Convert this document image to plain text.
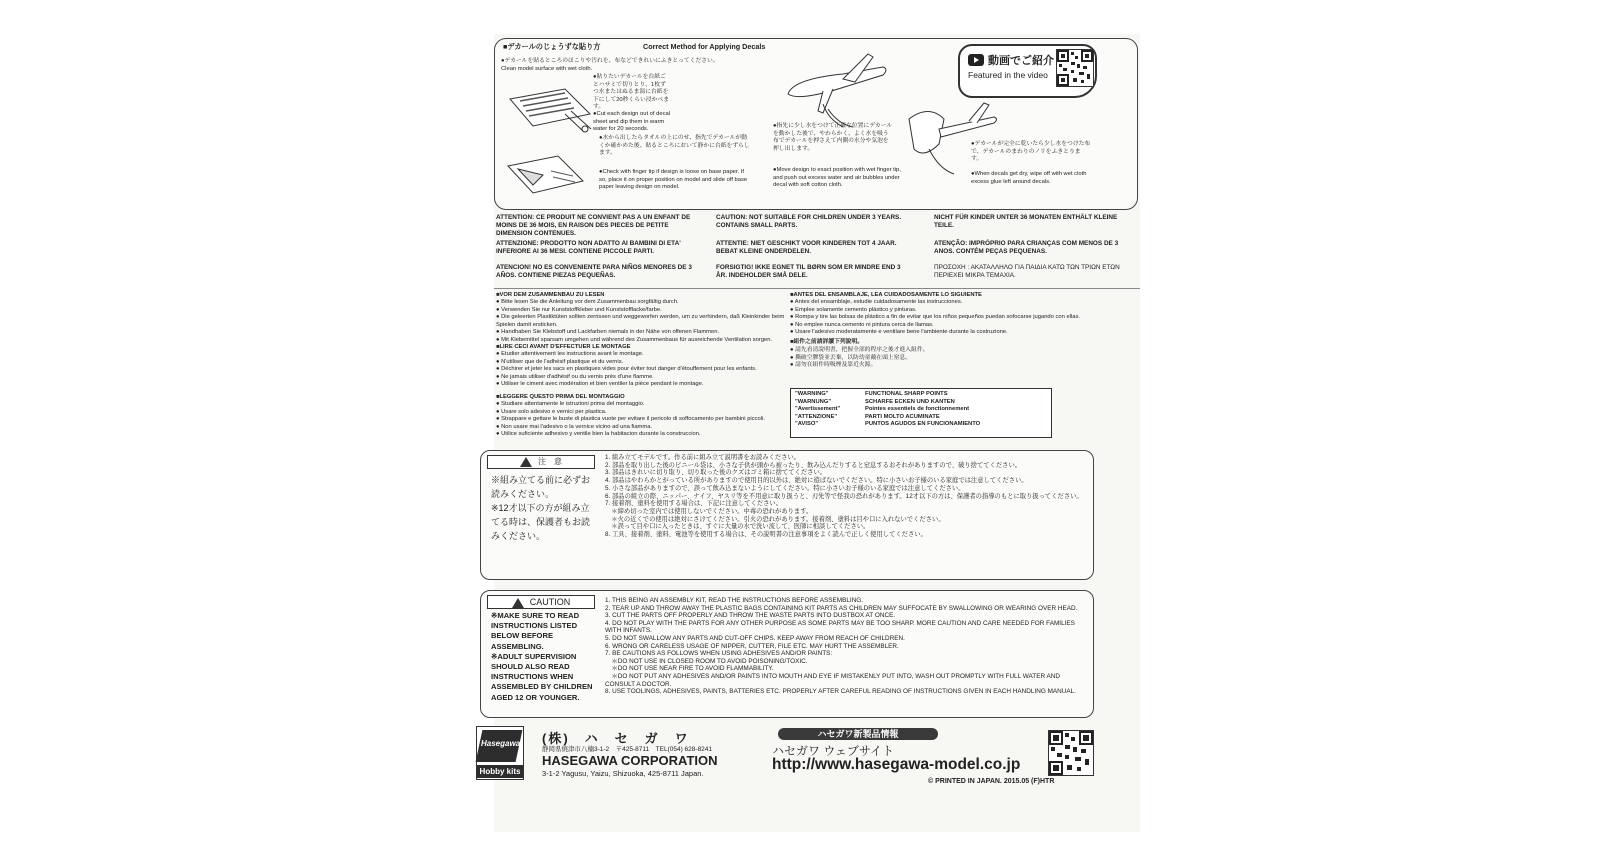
■デカールのじょうずな貼り方	Correct Method for Applying Decals
●デカールを貼るところのほこりや汚れを、布などできれいにふきとってください。
Clean model surface with wet cloth.
●貼りたいデカールを台紙ごとハサミで切りとり、1枚ずつ水またはぬるま湯に台紙を下にして20秒くらい浸かべます。
●Cut each design out of decal sheet and dip them in warm water for 20 seconds.
●水から出したらタオルの上にのせ、指先でデカールが動くか確かめた後、貼るところにおいて静かに台紙をずらします。
●Check with finger tip if design is loose on base paper. If so, place it on proper position on model and slide off base paper leaving design on model.
●指先に少し水をつけて正確な位置にデカールを動かした後で、やわらかく、よく水を吸う布でデカールを押さえて内側の水分や気泡を押し出します。
●Move design to exact position with wet finger tip, and push out excess water and air bubbles under decal with soft cotton cloth.
●デカールが完全に乾いたら少し水をつけた布で、デカールのまわりのノリをふきとります。
●When decals get dry, wipe off with wet cloth excess glue left around decals.
動画でご紹介
Featured in the video
ATTENTION: CE PRODUIT NE CONVIENT PAS A UN ENFANT DE MOINS DE 36 MOIS, EN RAISON DES PIECES DE PETITE DIMENSION CONTENUES.
ATTENZIONE: PRODOTTO NON ADATTO AI BAMBINI DI ETA' INFERIORE AI 36 MESI. CONTIENE PICCOLE PARTI.
ATENCION! NO ES CONVENIENTE PARA NIÑOS MENORES DE 3 AÑOS. CONTIENE PIEZAS PEQUEÑAS.
CAUTION: NOT SUITABLE FOR CHILDREN UNDER 3 YEARS. CONTAINS SMALL PARTS.
ATTENTIE: NIET GESCHIKT VOOR KINDEREN TOT 4 JAAR. BEBAT KLEINE ONDERDELEN.
FORSIGTIG! IKKE EGNET TIL BØRN SOM ER MINDRE END 3 ÅR. INDEHOLDER SMÅ DELE.
NICHT FÜR KINDER UNTER 36 MONATEN ENTHÄLT KLEINE TEILE.
ATENÇÃO: IMPRÓPRIO PARA CRIANÇAS COM MENOS DE 3 ANOS. CONTÉM PEÇAS PEQUENAS.
ΠΡΟΣΟΧΗ : ΑΚΑΤΑΛΛΗΛΟ ΓΙΑ ΠΑΙΔΙΑ ΚΑΤΩ ΤΩΝ ΤΡΙΩΝ ΕΤΩΝ ΠΕΡΙΕΧΕΙ ΜΙΚΡΑ ΤΕΜΑΧΙΑ.
■VOR DEM ZUSAMMENBAU ZU LESEN
● Bitte lesen Sie die Anleitung vor dem Zusammenbau sorgfältig durch.
● Verwenden Sie nur Kunststoffkleber und Kunststofflacke/farbe.
● Die geleerten Plastiktüten sollten zerrissen und weggeworfen werden, um zu verhindern, daß Kleinkinder beim Spielen damit ersticken.
● Handhaben Sie Klebstoff und Lackfarben niemals in der Nähe von offenen Flammen.
● Mit Klebemittel sparsam umgehen und während des Zusammenbaus für ausreichende Ventilation sorgen.
■LIRE CECI AVANT D'EFFECTUER LE MONTAGE
● Etudier attentivement les instructions avant le montage.
● N'utiliser que de l'adhésif plastique et du vernis.
● Déchirer et jeter les sacs en plastiques vides pour éviter tout danger d'étouffement pour les enfants.
● Ne jamais utiliser d'adhésif ou du vernis près d'une flamme.
● Utiliser le ciment avec modération et bien ventiler la pièce pendant le montage.
■LEGGERE QUESTO PRIMA DEL MONTAGGIO
● Studiare attentamente le istruzioni prima del montaggio.
● Usare solo adesivo e vernici per plastica.
● Strappare e gettare le buste di plastica vuote per evitare il pericolo di soffocamento per bambini piccoli.
● Non usare mai l'adesivo o la vernice vicino ad una fiamma.
● Utilice suficiente adhesivo y ventile bien la habitacion durante la construccion.
■ANTES DEL ENSAMBLAJE, LEA CUIDADOSAMENTE LO SIGUIENTE
● Antes del ensamblaje, estudie cuidadosamente las instrucciones.
● Emplee solamente cemento plástico y pinturas.
● Rompa y tire las bolsas de plástico a fin de evitar que los niños pequeños puedan sofocarse jugando con ellas.
● No emplee nunca cemento ni pintura cerca de llamas.
● Usare l'adesivo moderatamente e ventilare bene l'ambiente durante la costruzione.
■組件之前請詳讀下列說明。
● 請先看清說明書，把握全部的程序之後才進入組件。
● 撕破空膠袋並丟棄，以防幼童戴在頭上窒息。
● 請勿在組件時吸煙及靠近火源。
"WARNING"	FUNCTIONAL SHARP POINTS
"WARNUNG"	SCHARFE ECKEN UND KANTEN
"Avertissement"	Pointes essentiels de fonctionnement
"ATTENZIONE"	PARTI MOLTO ACUMINATE
"AVISO"	PUNTOS AGUDOS EN FUNCIONAMIENTO
注　意
※組み立てる前に必ずお読みください。
※12才以下の方が組み立てる時は、保護者もお読みください。
1. 組み立てモデルです。作る前に組み立て説明書をお読みください。
2. 部品を取り出した後のビニール袋は、小さな子供が頭から被ったり、飲み込んだりすると窒息するおそれがありますので、破り捨ててください。
3. 部品はきれいに切り取り、切り取った後のクズはゴミ箱に捨ててください。
4. 部品はやわらかとがっている所がありますので使用目的以外は、絶対に遊ばないでください。特に小さいお子様のいる家庭では注意してください。
5. 小さな部品がありますので、誤って飲み込まないようにしてください。特に小さいお子様のいる家庭では注意してください。
6. 部品の組立の際、ニッパー、ナイフ、ヤスリ等を不用意に取り扱うと、刃先等で怪我の恐れがあります。12才以下の方は、保護者の指導のもとに取り扱ってください。
7. 接着剤、塗料を使用する場合は、下記に注意してください。
　＊締め切った室内では使用しないでください。中毒の恐れがあります。
　＊火の近くでの使用は絶対にさけてください。引火の恐れがあります。接着剤、塗料は目や口に入れないでください。
　＊誤って目や口に入ったときは、すぐに大量の水で洗い流して、医師に相談してください。
8. 工具、接着剤、塗料、電池等を使用する場合は、その説明書の注意事項をよく読んで正しく使用してください。
CAUTION
※MAKE SURE TO READ INSTRUCTIONS LISTED BELOW BEFORE ASSEMBLING.
※ADULT SUPERVISION SHOULD ALSO READ INSTRUCTIONS WHEN ASSEMBLED BY CHILDREN AGED 12 OR YOUNGER.
1. THIS BEING AN ASSEMBLY KIT, READ THE INSTRUCTIONS BEFORE ASSEMBLING.
2. TEAR UP AND THROW AWAY THE PLASTIC BAGS CONTAINING KIT PARTS AS CHILDREN MAY SUFFOCATE BY SWALLOWING OR WEARING OVER HEAD.
3. CUT THE PARTS OFF PROPERLY AND THROW THE WASTE PARTS INTO DUSTBOX AT ONCE.
4. DO NOT PLAY WITH THE PARTS FOR ANY OTHER PURPOSE AS SOME PARTS MAY BE TOO SHARP. MORE CAUTION AND CARE NEEDED FOR FAMILIES WITH INFANTS.
5. DO NOT SWALLOW ANY PARTS AND CUT-OFF CHIPS. KEEP AWAY FROM REACH OF CHILDREN.
6. WRONG OR CARELESS USAGE OF NIPPER, CUTTER, FILE ETC. MAY HURT THE ASSEMBLER.
7. BE CAUTIONS AS FOLLOWS WHEN USING ADHESIVES AND/OR PAINTS:
　＊DO NOT USE IN CLOSED ROOM TO AVOID POISONING/TOXIC.
　＊DO NOT USE NEAR FIRE TO AVOID FLAMMABILITY.
　＊DO NOT PUT ANY ADHESIVES AND/OR PAINTS INTO MOUTH AND EYE IF MISTAKENLY PUT INTO, WASH OUT PROMPTLY WITH FULL WATER AND CONSULT A DOCTOR.
8. USE TOOLINGS, ADHESIVES, PAINTS, BATTERIES ETC. PROPERLY AFTER CAREFUL READING OF INSTRUCTIONS GIVEN IN EACH HANDLING MANUAL.
Hasegawa
Hobby kits
(株)　ハ　セ　ガ　ワ
静岡県焼津市八楠3-1-2　〒425-8711　TEL(054) 628-8241
HASEGAWA CORPORATION
3-1-2 Yagusu, Yaizu, Shizuoka, 425-8711 Japan.
ハセガワ新製品情報
ハセガワ ウェブサイト
http://www.hasegawa-model.co.jp
© PRINTED IN JAPAN. 2015.05 (F)HTR
